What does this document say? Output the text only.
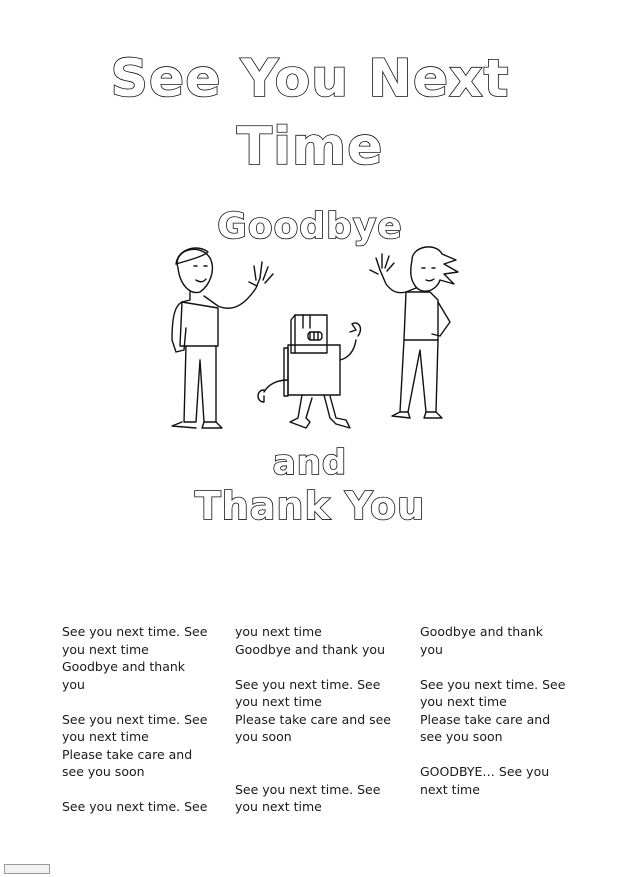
See You Next
Time
Goodbye
and
Thank You
See you next time. See
you next time
Goodbye and thank
you
See you next time. See
you next time
Please take care and
see you soon
See you next time. See
you next time
Goodbye and thank you
See you next time. See
you next time
Please take care and see
you soon
See you next time. See
you next time
Goodbye and thank
you
See you next time. See
you next time
Please take care and
see you soon
GOODBYE… See you
next time
